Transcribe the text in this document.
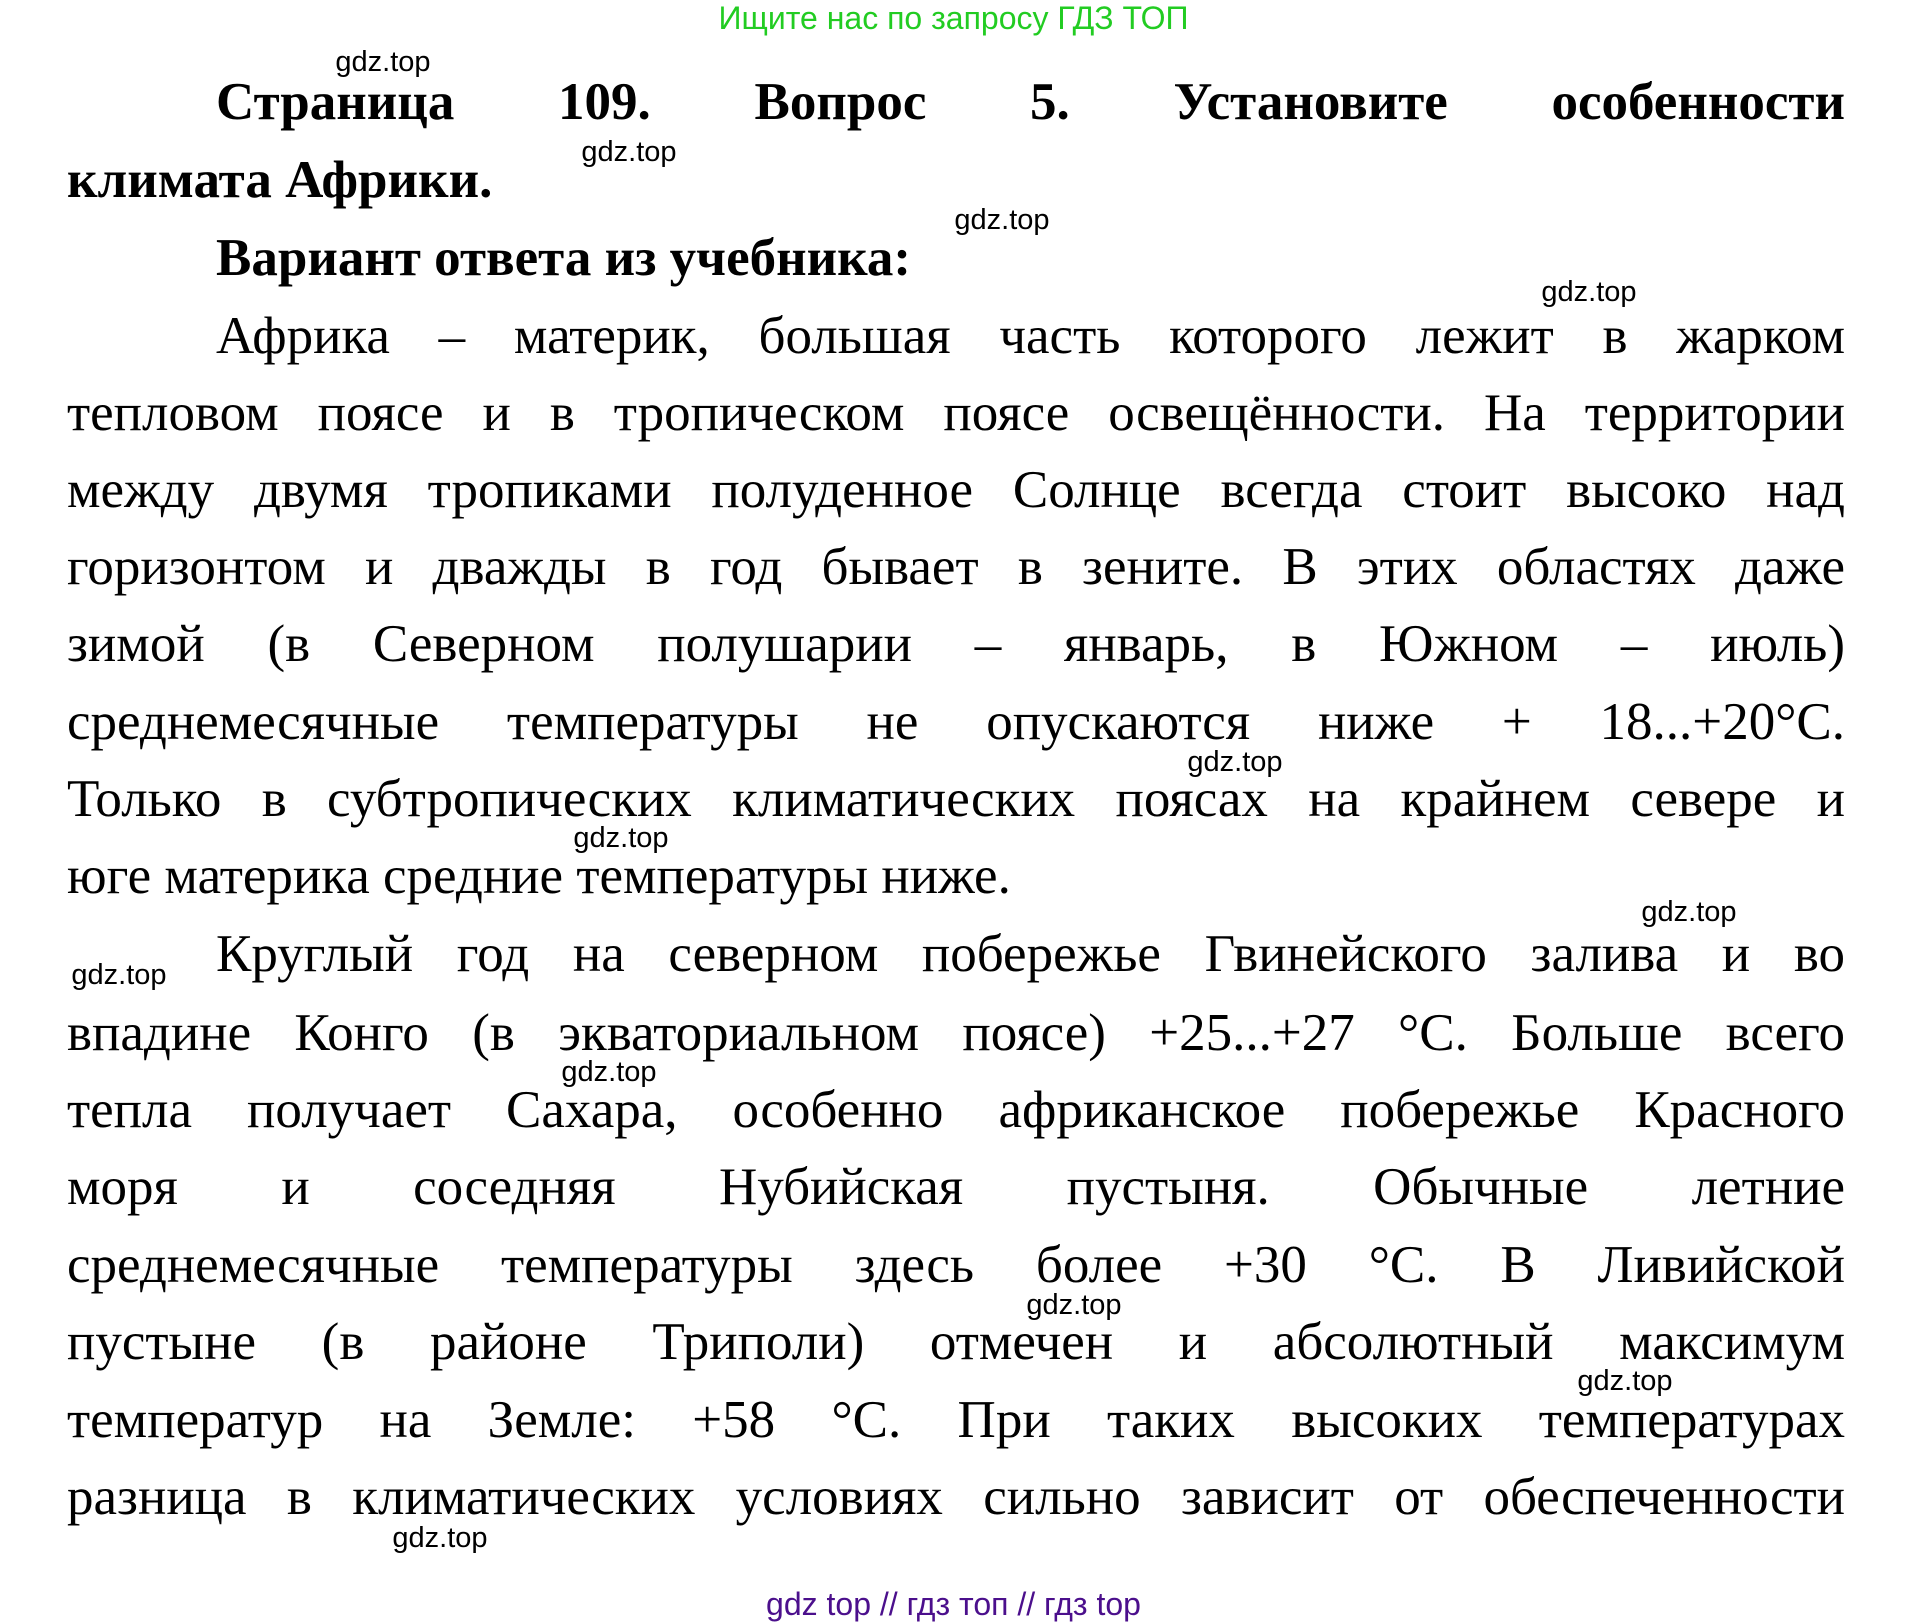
Ищите нас по запросу ГДЗ ТОП
Страница 109. Вопрос 5. Установите особенности
климата Африки.
Вариант ответа из учебника:
Африка – материк, большая часть которого лежит в жарком
тепловом поясе и в тропическом поясе освещённости. На территории
между двумя тропиками полуденное Солнце всегда стоит высоко над
горизонтом и дважды в год бывает в зените. В этих областях даже
зимой (в Северном полушарии – январь, в Южном – июль)
среднемесячные температуры не опускаются ниже + 18...+20°С.
Только в субтропических климатических поясах на крайнем севере и
юге материка средние температуры ниже.
Круглый год на северном побережье Гвинейского залива и во
впадине Конго (в экваториальном поясе) +25...+27 °С. Больше всего
тепла получает Сахара, особенно африканское побережье Красного
моря и соседняя Нубийская пустыня. Обычные летние
среднемесячные температуры здесь более +30 °С. В Ливийской
пустыне (в районе Триполи) отмечен и абсолютный максимум
температур на Земле: +58 °С. При таких высоких температурах
разница в климатических условиях сильно зависит от обеспеченности
gdz.top
gdz.top
gdz.top
gdz.top
gdz.top
gdz.top
gdz.top
gdz.top
gdz.top
gdz.top
gdz.top
gdz.top
gdz top // гдз топ // гдз top
